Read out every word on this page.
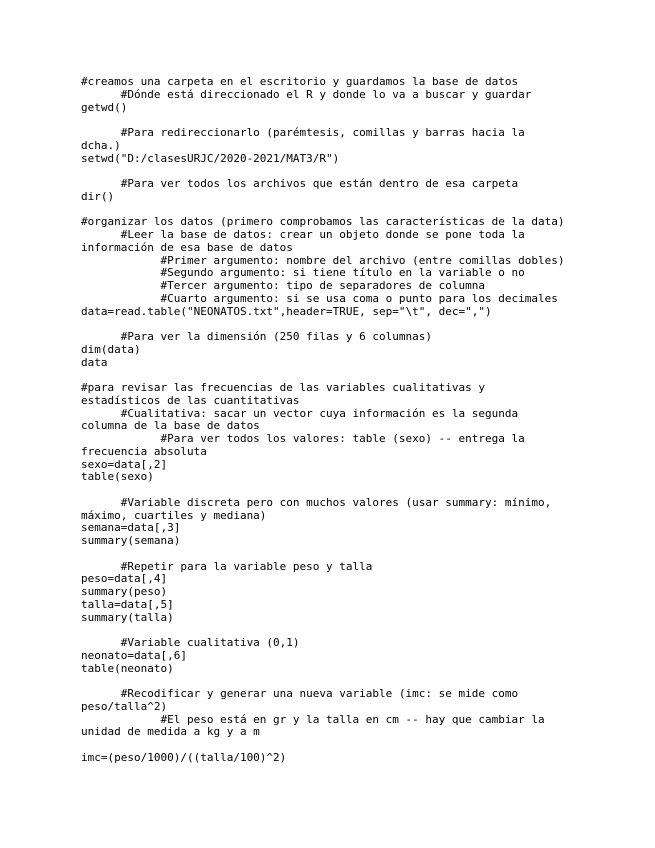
#creamos una carpeta en el escritorio y guardamos la base de datos
#Dónde está direccionado el R y donde lo va a buscar y guardar
getwd()
#Para redireccionarlo (parémtesis, comillas y barras hacia la
dcha.)
setwd("D:/clasesURJC/2020-2021/MAT3/R")
#Para ver todos los archivos que están dentro de esa carpeta
dir()
#organizar los datos (primero comprobamos las características de la data)
#Leer la base de datos: crear un objeto donde se pone toda la
información de esa base de datos
#Primer argumento: nombre del archivo (entre comillas dobles)
#Segundo argumento: si tiene título en la variable o no
#Tercer argumento: tipo de separadores de columna
#Cuarto argumento: si se usa coma o punto para los decimales
data=read.table("NEONATOS.txt",header=TRUE, sep="\t", dec=",")
#Para ver la dimensión (250 filas y 6 columnas)
dim(data)
data
#para revisar las frecuencias de las variables cualitativas y
estadísticos de las cuantitativas
#Cualitativa: sacar un vector cuya información es la segunda
columna de la base de datos
#Para ver todos los valores: table (sexo) -- entrega la
frecuencia absoluta
sexo=data[,2]
table(sexo)
#Variable discreta pero con muchos valores (usar summary: mínimo,
máximo, cuartiles y mediana)
semana=data[,3]
summary(semana)
#Repetir para la variable peso y talla
peso=data[,4]
summary(peso)
talla=data[,5]
summary(talla)
#Variable cualitativa (0,1)
neonato=data[,6]
table(neonato)
#Recodificar y generar una nueva variable (imc: se mide como
peso/talla^2)
#El peso está en gr y la talla en cm -- hay que cambiar la
unidad de medida a kg y a m
imc=(peso/1000)/((talla/100)^2)
